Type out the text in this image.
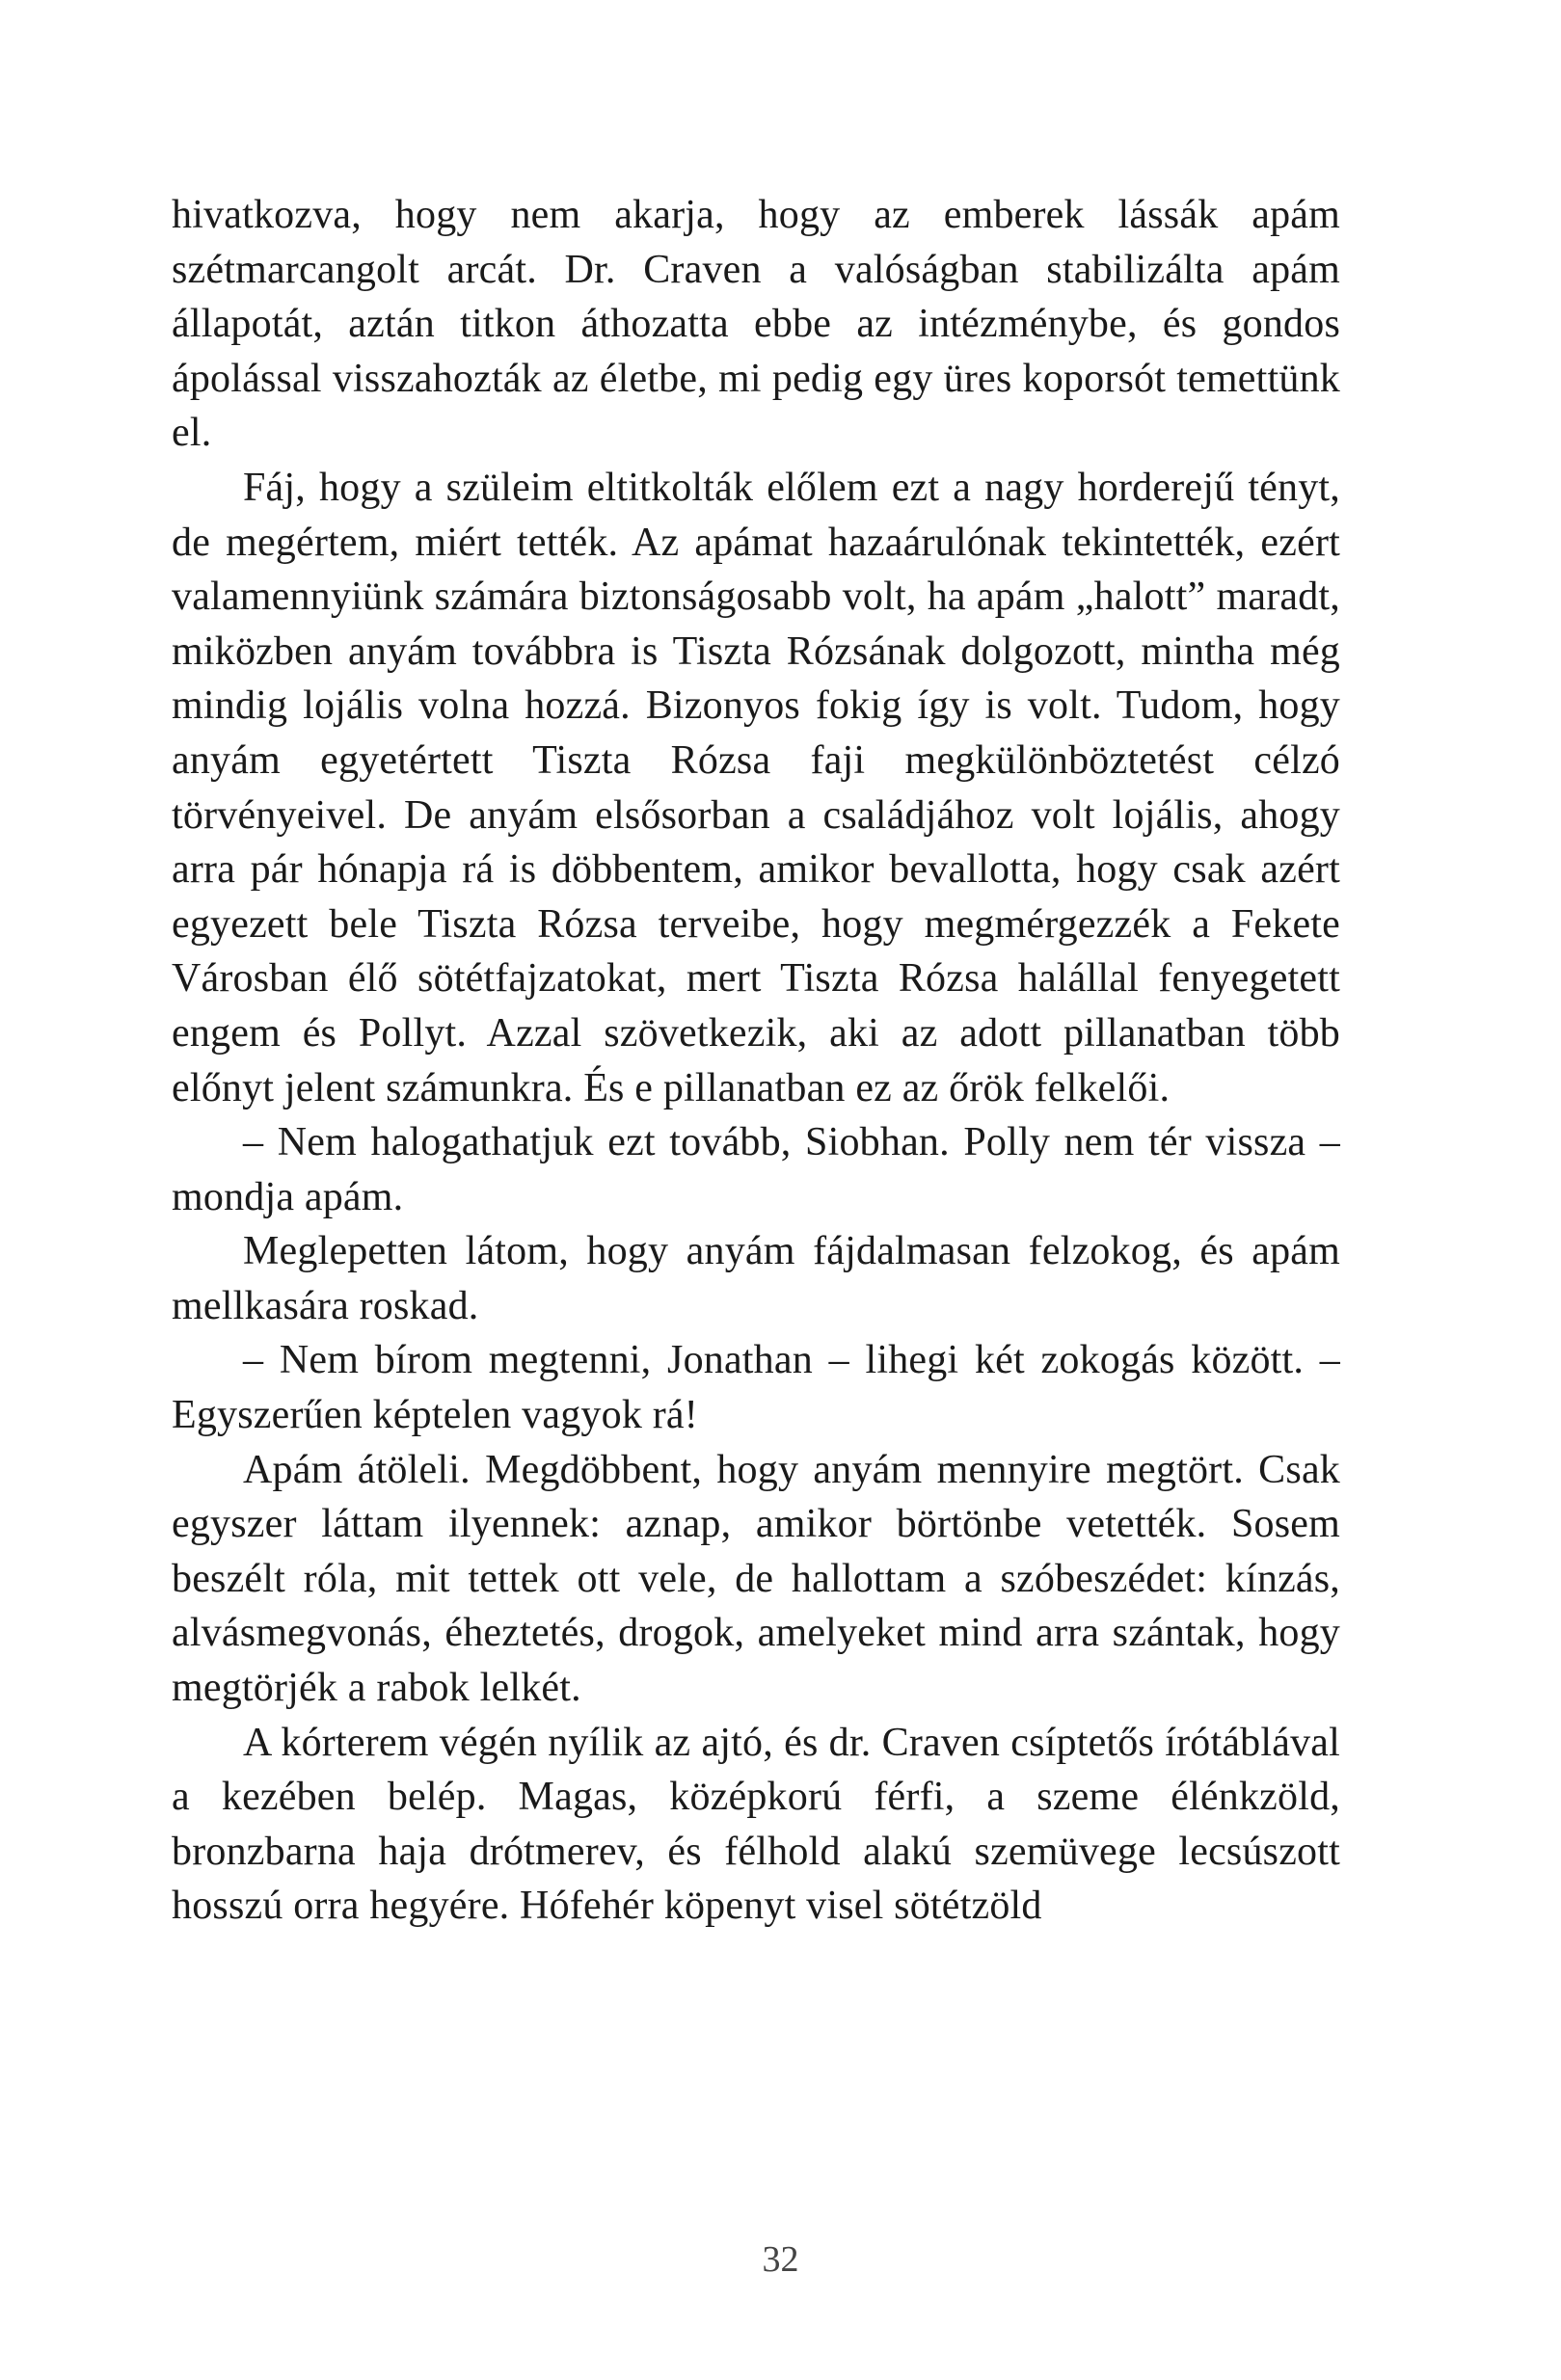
hivatkozva, hogy nem akarja, hogy az emberek lássák apám szétmarcangolt arcát. Dr. Craven a valóságban stabilizálta apám állapotát, aztán titkon áthozatta ebbe az intézménybe, és gondos ápolással visszahozták az életbe, mi pedig egy üres koporsót temettünk el.

Fáj, hogy a szüleim eltitkolták előlem ezt a nagy horderejű tényt, de megértem, miért tették. Az apámat hazaárulónak tekintették, ezért valamennyiünk számára biztonságosabb volt, ha apám „halott” maradt, miközben anyám továbbra is Tiszta Rózsának dolgozott, mintha még mindig lojális volna hozzá. Bizonyos fokig így is volt. Tudom, hogy anyám egyetértett Tiszta Rózsa faji megkülönböztetést célzó törvényeivel. De anyám elsősorban a családjához volt lojális, ahogy arra pár hónapja rá is döbbentem, amikor bevallotta, hogy csak azért egyezett bele Tiszta Rózsa terveibe, hogy megmérgezzék a Fekete Városban élő sötétfajzatokat, mert Tiszta Rózsa halállal fenyegetett engem és Pollyt. Azzal szövetkezik, aki az adott pillanatban több előnyt jelent számunkra. És e pillanatban ez az őrök felkelői.

– Nem halogathatjuk ezt tovább, Siobhan. Polly nem tér vissza – mondja apám.

Meglepetten látom, hogy anyám fájdalmasan felzokog, és apám mellkasára roskad.

– Nem bírom megtenni, Jonathan – lihegi két zokogás között. – Egyszerűen képtelen vagyok rá!

Apám átöleli. Megdöbbent, hogy anyám mennyire megtört. Csak egyszer láttam ilyennek: aznap, amikor börtönbe vetették. Sosem beszélt róla, mit tettek ott vele, de hallottam a szóbeszédet: kínzás, alvásmegvonás, éheztetés, drogok, amelyeket mind arra szántak, hogy megtörjék a rabok lelkét.

A kórterem végén nyílik az ajtó, és dr. Craven csíptetős írótáblával a kezében belép. Magas, középkorú férfi, a szeme élénkzöld, bronzbarna haja drótmerev, és félhold alakú szemüvege lecsúszott hosszú orra hegyére. Hófehér köpenyt visel sötétzöld

32
